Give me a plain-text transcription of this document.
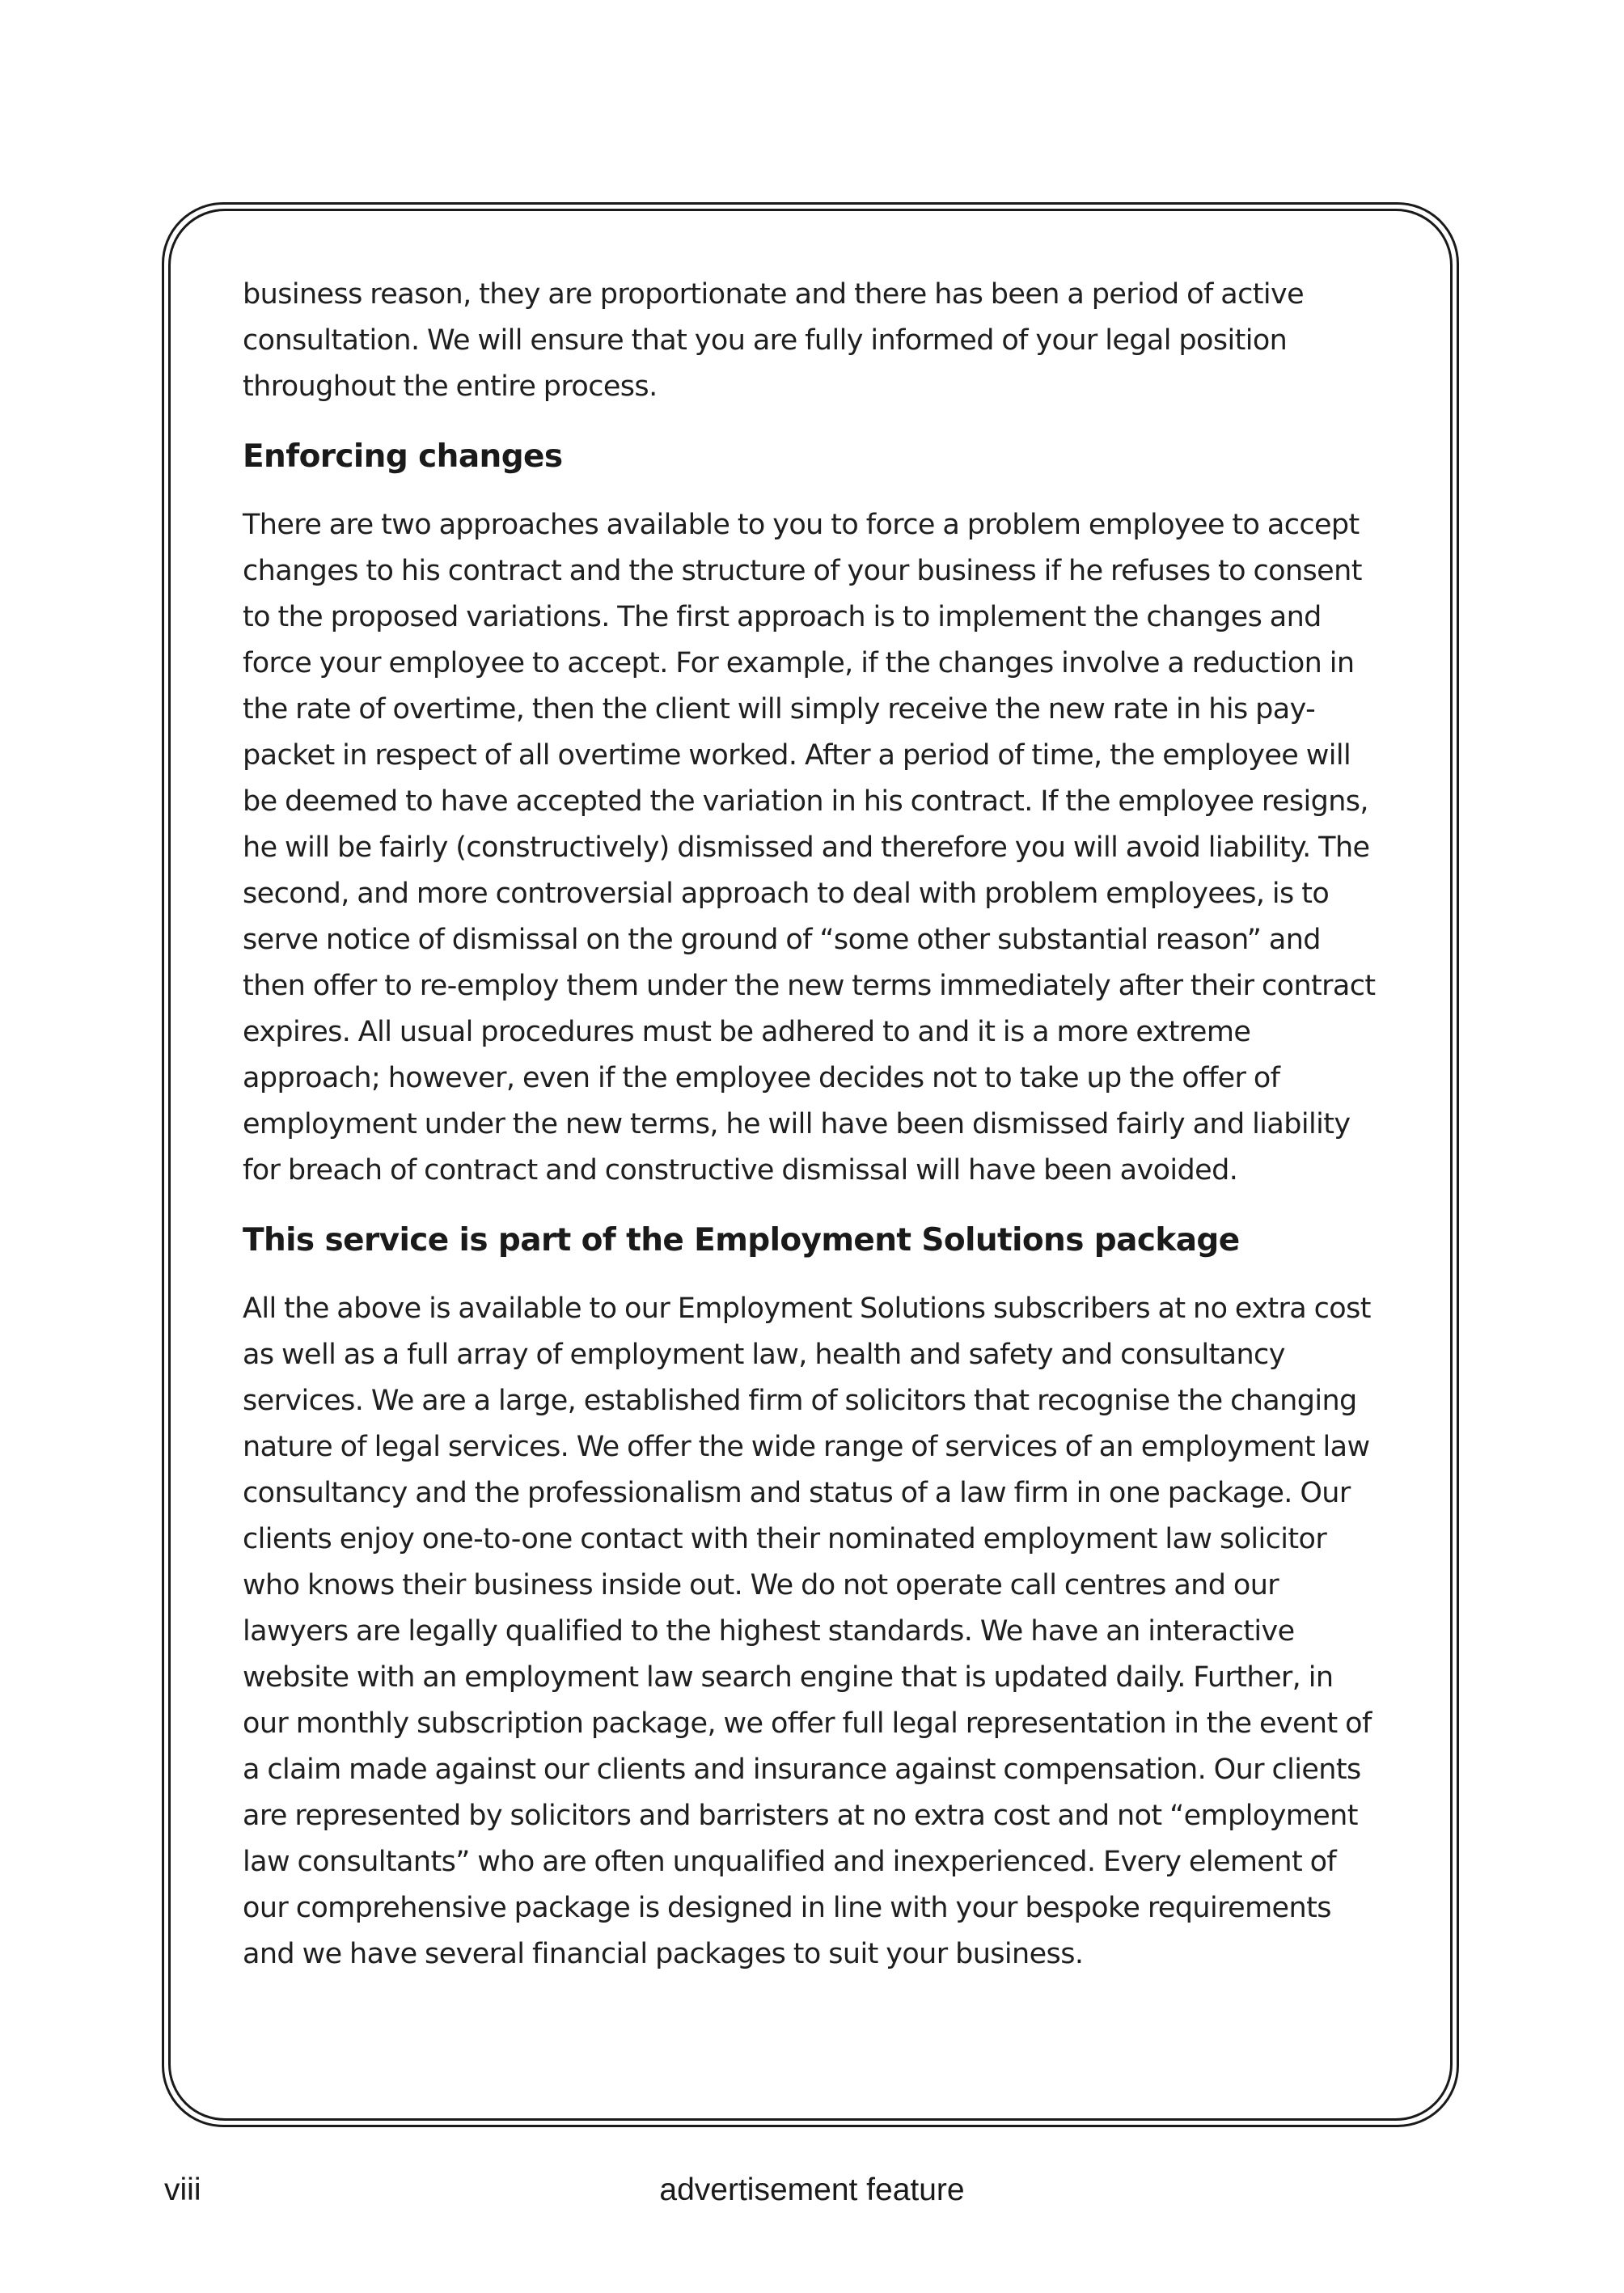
business reason, they are proportionate and there has been a period of active consultation. We will ensure that you are fully informed of your legal position throughout the entire process.

Enforcing changes

There are two approaches available to you to force a problem employee to accept changes to his contract and the structure of your business if he refuses to consent to the proposed variations. The first approach is to implement the changes and force your employee to accept. For example, if the changes involve a reduction in the rate of overtime, then the client will simply receive the new rate in his pay-packet in respect of all overtime worked. After a period of time, the employee will be deemed to have accepted the variation in his contract. If the employee resigns, he will be fairly (constructively) dismissed and therefore you will avoid liability. The second, and more controversial approach to deal with problem employees, is to serve notice of dismissal on the ground of “some other substantial reason” and then offer to re-employ them under the new terms immediately after their contract expires. All usual procedures must be adhered to and it is a more extreme approach; however, even if the employee decides not to take up the offer of employment under the new terms, he will have been dismissed fairly and liability for breach of contract and constructive dismissal will have been avoided.

This service is part of the Employment Solutions package

All the above is available to our Employment Solutions subscribers at no extra cost as well as a full array of employment law, health and safety and consultancy services. We are a large, established firm of solicitors that recognise the changing nature of legal services. We offer the wide range of services of an employment law consultancy and the professionalism and status of a law firm in one package. Our clients enjoy one-to-one contact with their nominated employment law solicitor who knows their business inside out. We do not operate call centres and our lawyers are legally qualified to the highest standards. We have an interactive website with an employment law search engine that is updated daily. Further, in our monthly subscription package, we offer full legal representation in the event of a claim made against our clients and insurance against compensation. Our clients are represented by solicitors and barristers at no extra cost and not “employment law consultants” who are often unqualified and inexperienced. Every element of our comprehensive package is designed in line with your bespoke requirements and we have several financial packages to suit your business.

viii	advertisement feature
